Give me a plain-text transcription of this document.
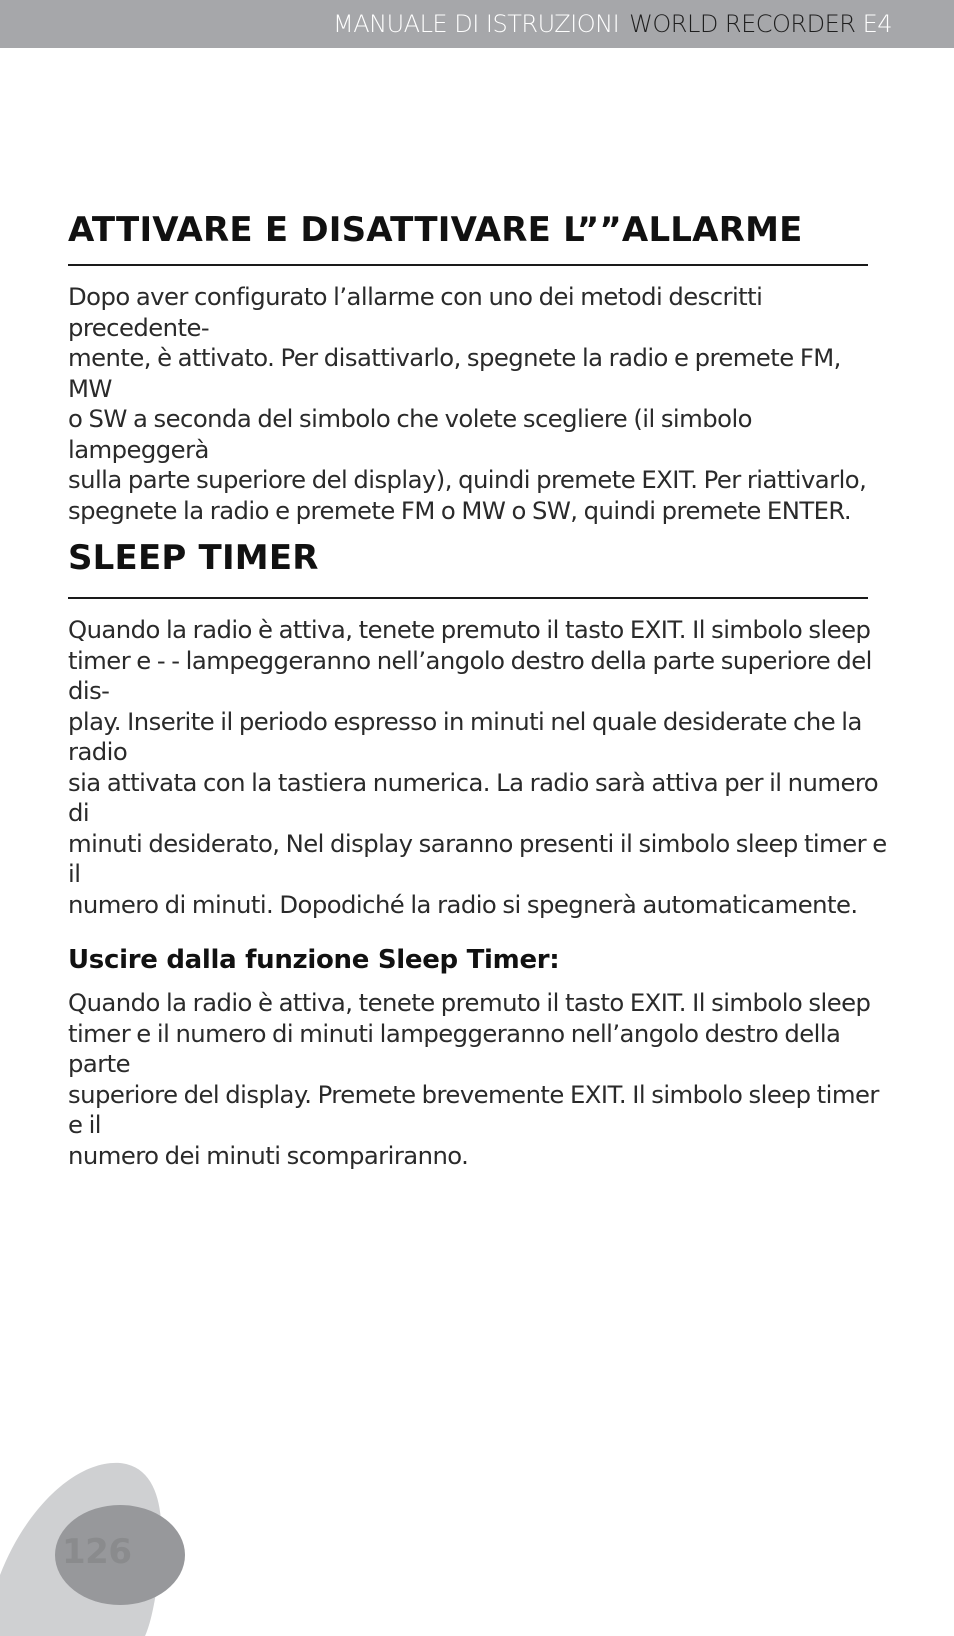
MANUALE DI ISTRUZIONI WORLD RECORDER E4
ATTIVARE E DISATTIVARE L””ALLARME

Dopo aver configurato l’allarme con uno dei metodi descritti precedente-

mente, è attivato. Per disattivarlo, spegnete la radio e premete FM, MW

o SW a seconda del simbolo che volete scegliere (il simbolo lampeggerà

sulla parte superiore del display), quindi premete EXIT. Per riattivarlo,

spegnete la radio e premete FM o MW o SW, quindi premete ENTER.

SLEEP TIMER

Quando la radio è attiva, tenete premuto il tasto EXIT. Il simbolo sleep

timer e - - lampeggeranno nell’angolo destro della parte superiore del dis-

play. Inserite il periodo espresso in minuti nel quale desiderate che la radio

sia attivata con la tastiera numerica. La radio sarà attiva per il numero di

minuti desiderato, Nel display saranno presenti il simbolo sleep timer e il

numero di minuti. Dopodiché la radio si spegnerà automaticamente.

Uscire dalla funzione Sleep Timer:

Quando la radio è attiva, tenete premuto il tasto EXIT. Il simbolo sleep

timer e il numero di minuti lampeggeranno nell’angolo destro della parte

superiore del display. Premete brevemente EXIT. Il simbolo sleep timer e il

numero dei minuti scompariranno.

126
